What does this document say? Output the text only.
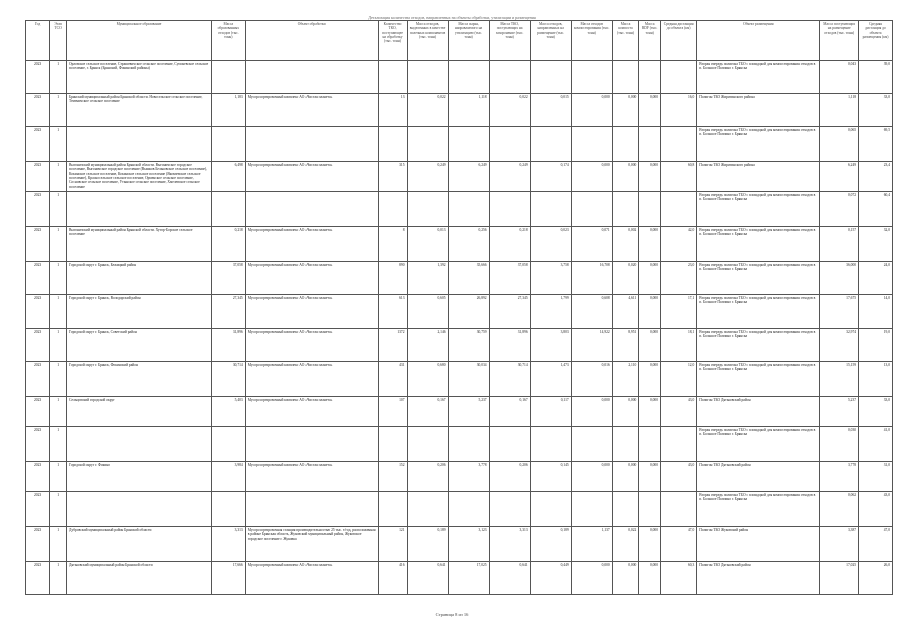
Детализация количества отходов, направленных на объекты обработки, утилизации и размещения
Год	Этап ТСО	Муниципальное образование	Масса образованных отходов (тыс. тонн)	Объект обработки	Количество ТКО, поступающее на обработку (тыс. тонн)	Масса отходов, выделенных в качестве полезных компонентов (тыс. тонн)	Масса сырья, направляемого на утилизацию (тыс. тонн)	Масса ТКО, поступающих на захоронение (тыс. тонн)	Масса отходов, направленных на размещение (тыс. тонн)	Масса отходов компостирования (тыс. тонн)	Масса компоста (тыс. тонн)	Масса RDF (тыс. тонн)	Средняя дистанция до объекта (км)	Объект размещения	Масса поступающих на размещение отходов (тыс. тонн)	Средняя дистанция до объекта размещения (км)
2023	1	Орловское сельское поселение, Страшевичское сельское поселение, Супоневское сельское поселение, г. Брянск (Брянский, Фокинский районы)												Вторая очередь полигона ТБО с площадкой для компостирования отходов в п. Большое Полпино г. Брянска	0,043	39,0
2023	1	Брянский муниципальный район Брянской области. Новосельское сельское поселение, Теменичское сельское поселение	1,183	Мусоросортировочный комплекс АО «Чистая планета»	13	0,022	1,118	0,022	0,015	0,000	0,000	0,000	16,0	Полигон ТБО Жирятинского района	1,118	33,0
2023	1													Вторая очередь полигона ТБО с площадкой для компостирования отходов в п. Большое Полпино г. Брянска	0,065	69,5
2023	1	Выгоничский муниципальный район Брянской области. Выгоничское городское поселение, Выгоничское городское поселение (Вышков Бельковское сельское поселение), Кокинское сельское поселение, Кокинское сельское поселение (Яковлевское сельское поселение), Красносельское сельское поселение, Орменское сельское поселение, Сосновское сельское поселение, Утынское сельское поселение, Хмелевское сельское поселение	6,498	Мусоросортировочный комплекс АО «Чистая планета»	315	0,249	6,249	0,249	0,174	0,000	0,000	0,000	60,8	Полигон ТБО Жирятинского района	6,249	23,4
2023	1													Вторая очередь полигона ТБО с площадкой для компостирования отходов в п. Большое Полпино г. Брянска	0,072	60,4
2023	1	Выгоничский муниципальный район Брянской области. Хутор-Борское сельское поселение	0,218	Мусоросортировочный комплекс АО «Чистая планета»	8	0,013	0,256	0,218	0,023	0,071	0,002	0,000	42,0	Вторая очередь полигона ТБО с площадкой для компостирования отходов в п. Большое Полпино г. Брянска	0,157	32,0
2023	1	Городской округ г. Брянск, Бежицкий район	37,058	Мусоросортировочный комплекс АО «Чистая планета»	890	1,392	35,666	37,058	3,758	16,708	0,020	0,000	23,0	Вторая очередь полигона ТБО с площадкой для компостирования отходов в п. Большое Полпино г. Брянска	36,000	24,0
2023	1	Городской округ г. Брянск, Володарский район	27,345	Мусоросортировочный комплекс АО «Чистая планета»	613	0,605	26,892	27,345	1,799	0,608	4,611	0,000	17,1	Вторая очередь полигона ТБО с площадкой для компостирования отходов в п. Большое Полпино г. Брянска	17,675	14,0
2023	1	Городской округ г. Брянск, Советский район	31,896	Мусоросортировочный комплекс АО «Чистая планета»	1372	2,146	30,759	31,896	3,803	14,922	8,951	0,000	18,1	Вторая очередь полигона ТБО с площадкой для компостирования отходов в п. Большое Полпино г. Брянска	32,974	19,0
2023	1	Городской округ г. Брянск, Фокинский район	30,714	Мусоросортировочный комплекс АО «Чистая планета»	431	0,680	30,034	30,714	1,473	0,016	2,110	0,000	12,0	Вторая очередь полигона ТБО с площадкой для компостирования отходов в п. Большое Полпино г. Брянска	15,159	13,0
2023	1	Сельцовский городской округ	5,403	Мусоросортировочный комплекс АО «Чистая планета»	107	0,167	5,237	0,167	0,117	0,000	0,000	0,000	43,0	Полигон ТБО Дятьковский район	5,237	33,0
2023	1													Вторая очередь полигона ТБО с площадкой для компостирования отходов в п. Большое Полпино г. Брянска	0,030	41,0
2023	1	Городской округ г. Фокино	3,984	Мусоросортировочный комплекс АО «Чистая планета»	152	0,206	3,778	0,206	0,145	0,000	0,000	0,000	43,0	Полигон ТБО Дятьковский район	3,778	31,0
2023	1													Вторая очередь полигона ТБО с площадкой для компостирования отходов в п. Большое Полпино г. Брянска	0,062	43,0
2023	1	Дубровский муниципальный район Брянской области	3,313	Мусоросортировочная станция производительностью 25 тыс. т/год, расположенная в районе Брянская область, Жуковский муниципальный район, Жуковское городское поселение г. Жуковка	121	0,189	3,123	3,313	0,189	1,137	0,022	0,000	47,0	Полигон ТБО Жуковский район	3,387	47,0
2023	1	Дятьковский муниципальный район Брянской области	17,666	Мусоросортировочный комплекс АО «Чистая планета»	416	0,641	17,025	0,641	0,449	0,000	0,000	0,000	60,3	Полигон ТБО Дятьковский район	17,025	26,0
Страница 8 из 16
